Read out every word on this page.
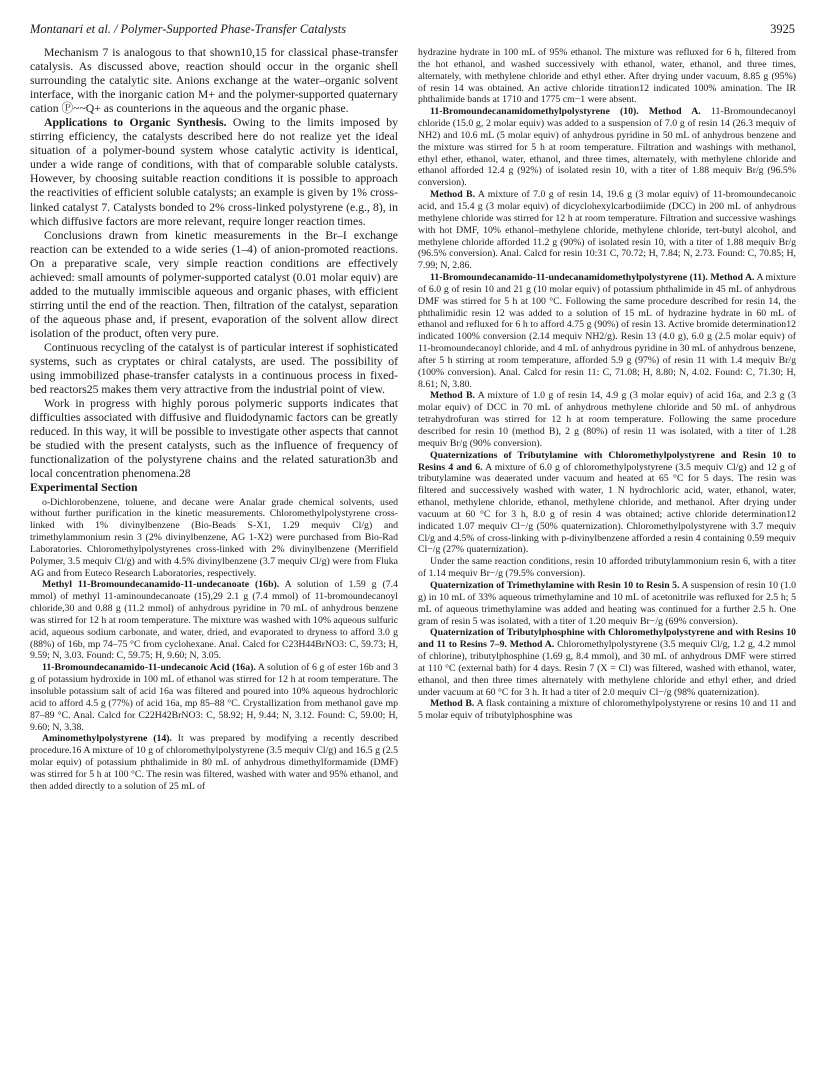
Montanari et al. / Polymer-Supported Phase-Transfer Catalysts	3925

Mechanism 7 is analogous to that shown10,15 for classical phase-transfer catalysis. As discussed above, reaction should occur in the organic shell surrounding the catalytic site. Anions exchange at the water–organic solvent interface, with the inorganic cation M+ and the polymer-supported quaternary cation Ⓟ~~Q+ as counterions in the aqueous and the organic phase.

Applications to Organic Synthesis. Owing to the limits imposed by stirring efficiency, the catalysts described here do not realize yet the ideal situation of a polymer-bound system whose catalytic activity is identical, under a wide range of conditions, with that of comparable soluble catalysts. However, by choosing suitable reaction conditions it is possible to approach the reactivities of efficient soluble catalysts; an example is given by 1% cross-linked catalyst 7. Catalysts bonded to 2% cross-linked polystyrene (e.g., 8), in which diffusive factors are more relevant, require longer reaction times.

Conclusions drawn from kinetic measurements in the Br–I exchange reaction can be extended to a wide series (1–4) of anion-promoted reactions. On a preparative scale, very simple reaction conditions are effectively achieved: small amounts of polymer-supported catalyst (0.01 molar equiv) are added to the mutually immiscible aqueous and organic phases, with efficient stirring until the end of the reaction. Then, filtration of the catalyst, separation of the aqueous phase and, if present, evaporation of the solvent allow direct isolation of the product, often very pure.

Continuous recycling of the catalyst is of particular interest if sophisticated systems, such as cryptates or chiral catalysts, are used. The possibility of using immobilized phase-transfer catalysts in a continuous process in fixed-bed reactors25 makes them very attractive from the industrial point of view.

Work in progress with highly porous polymeric supports indicates that difficulties associated with diffusive and fluidodynamic factors can be greatly reduced. In this way, it will be possible to investigate other aspects that cannot be studied with the present catalysts, such as the influence of frequency of functionalization of the polystyrene chains and the related saturation3b and local concentration phenomena.28

Experimental Section

o-Dichlorobenzene, toluene, and decane were Analar grade chemical solvents, used without further purification in the kinetic measurements. Chloromethylpolystyrene cross-linked with 1% divinylbenzene (Bio-Beads S-X1, 1.29 mequiv Cl/g) and trimethylammonium resin 3 (2% divinylbenzene, AG 1-X2) were purchased from Bio-Rad Laboratories. Chloromethylpolystyrenes cross-linked with 2% divinylbenzene (Merrifield Polymer, 3.5 mequiv Cl/g) and with 4.5% divinylbenzene (3.7 mequiv Cl/g) were from Fluka AG and from Euteco Research Laboratories, respectively.

Methyl 11-Bromoundecanamido-11-undecanoate (16b). A solution of 1.59 g (7.4 mmol) of methyl 11-aminoundecanoate (15),29 2.1 g (7.4 mmol) of 11-bromoundecanoyl chloride,30 and 0.88 g (11.2 mmol) of anhydrous pyridine in 70 mL of anhydrous benzene was stirred for 12 h at room temperature. The mixture was washed with 10% aqueous sulfuric acid, aqueous sodium carbonate, and water, dried, and evaporated to dryness to afford 3.0 g (88%) of 16b, mp 74–75 °C from cyclohexane. Anal. Calcd for C23H44BrNO3: C, 59.73; H, 9.59; N, 3.03. Found: C, 59.75; H, 9.60; N, 3.05.

11-Bromoundecanamido-11-undecanoic Acid (16a). A solution of 6 g of ester 16b and 3 g of potassium hydroxide in 100 mL of ethanol was stirred for 12 h at room temperature. The insoluble potassium salt of acid 16a was filtered and poured into 10% aqueous hydrochloric acid to afford 4.5 g (77%) of acid 16a, mp 85–88 °C. Crystallization from methanol gave mp 87–89 °C. Anal. Calcd for C22H42BrNO3: C, 58.92; H, 9.44; N, 3.12. Found: C, 59.00; H, 9.60; N, 3.38.

Aminomethylpolystyrene (14). It was prepared by modifying a recently described procedure.16 A mixture of 10 g of chloromethylpolystyrene (3.5 mequiv Cl/g) and 16.5 g (2.5 molar equiv) of potassium phthalimide in 80 mL of anhydrous dimethylformamide (DMF) was stirred for 5 h at 100 °C. The resin was filtered, washed with water and 95% ethanol, and then added directly to a solution of 25 mL of

hydrazine hydrate in 100 mL of 95% ethanol. The mixture was refluxed for 6 h, filtered from the hot ethanol, and washed successively with ethanol, water, ethanol, and three times, alternately, with methylene chloride and ethyl ether. After drying under vacuum, 8.85 g (95%) of resin 14 was obtained. An active chloride titration12 indicated 100% amination. The IR phthalimide bands at 1710 and 1775 cm−1 were absent.

11-Bromoundecanamidomethylpolystyrene (10). Method A. 11-Bromoundecanoyl chloride (15.0 g, 2 molar equiv) was added to a suspension of 7.0 g of resin 14 (26.3 mequiv of NH2) and 10.6 mL (5 molar equiv) of anhydrous pyridine in 50 mL of anhydrous benzene and the mixture was stirred for 5 h at room temperature. Filtration and washings with methanol, ethyl ether, ethanol, water, ethanol, and three times, alternately, with methylene chloride and ethanol afforded 12.4 g (92%) of isolated resin 10, with a titer of 1.88 mequiv Br/g (96.5% conversion).

Method B. A mixture of 7.0 g of resin 14, 19.6 g (3 molar equiv) of 11-bromoundecanoic acid, and 15.4 g (3 molar equiv) of dicyclohexylcarbodiimide (DCC) in 200 mL of anhydrous methylene chloride was stirred for 12 h at room temperature. Filtration and successive washings with hot DMF, 10% ethanol–methylene chloride, methylene chloride, tert-butyl alcohol, and methylene chloride afforded 11.2 g (90%) of isolated resin 10, with a titer of 1.88 mequiv Br/g (96.5% conversion). Anal. Calcd for resin 10:31 C, 70.72; H, 7.84; N, 2.73. Found: C, 70.85; H, 7.99; N, 2.86.

11-Bromoundecanamido-11-undecanamidomethylpolystyrene (11). Method A. A mixture of 6.0 g of resin 10 and 21 g (10 molar equiv) of potassium phthalimide in 45 mL of anhydrous DMF was stirred for 5 h at 100 °C. Following the same procedure described for resin 14, the phthalimidic resin 12 was added to a solution of 15 mL of hydrazine hydrate in 60 mL of ethanol and refluxed for 6 h to afford 4.75 g (90%) of resin 13. Active bromide determination12 indicated 100% conversion (2.14 mequiv NH2/g). Resin 13 (4.0 g), 6.0 g (2.5 molar equiv) of 11-bromoundecanoyl chloride, and 4 mL of anhydrous pyridine in 30 mL of anhydrous benzene, after 5 h stirring at room temperature, afforded 5.9 g (97%) of resin 11 with 1.4 mequiv Br/g (100% conversion). Anal. Calcd for resin 11: C, 71.08; H, 8.80; N, 4.02. Found: C, 71.30; H, 8.61; N, 3.80.

Method B. A mixture of 1.0 g of resin 14, 4.9 g (3 molar equiv) of acid 16a, and 2.3 g (3 molar equiv) of DCC in 70 mL of anhydrous methylene chloride and 50 mL of anhydrous tetrahydrofuran was stirred for 12 h at room temperature. Following the same procedure described for resin 10 (method B), 2 g (80%) of resin 11 was isolated, with a titer of 1.28 mequiv Br/g (90% conversion).

Quaternizations of Tributylamine with Chloromethylpolystyrene and Resin 10 to Resins 4 and 6. A mixture of 6.0 g of chloromethylpolystyrene (3.5 mequiv Cl/g) and 12 g of tributylamine was deaerated under vacuum and heated at 65 °C for 5 days. The resin was filtered and successively washed with water, 1 N hydrochloric acid, water, ethanol, water, ethanol, methylene chloride, ethanol, methylene chloride, and methanol. After drying under vacuum at 60 °C for 3 h, 8.0 g of resin 4 was obtained; active chloride determination12 indicated 1.07 mequiv Cl−/g (50% quaternization). Chloromethylpolystyrene with 3.7 mequiv Cl/g and 4.5% of cross-linking with p-divinylbenzene afforded a resin 4 containing 0.59 mequiv Cl−/g (27% quaternization).

Under the same reaction conditions, resin 10 afforded tributylammonium resin 6, with a titer of 1.14 mequiv Br−/g (79.5% conversion).

Quaternization of Trimethylamine with Resin 10 to Resin 5. A suspension of resin 10 (1.0 g) in 10 mL of 33% aqueous trimethylamine and 10 mL of acetonitrile was refluxed for 2.5 h; 5 mL of aqueous trimethylamine was added and heating was continued for a further 2.5 h. One gram of resin 5 was isolated, with a titer of 1.20 mequiv Br−/g (69% conversion).

Quaternization of Tributylphosphine with Chloromethylpolystyrene and with Resins 10 and 11 to Resins 7–9. Method A. Chloromethylpolystyrene (3.5 mequiv Cl/g, 1.2 g, 4.2 mmol of chlorine), tributylphosphine (1.69 g, 8.4 mmol), and 30 mL of anhydrous DMF were stirred at 110 °C (external bath) for 4 days. Resin 7 (X = Cl) was filtered, washed with ethanol, water, ethanol, and then three times alternately with methylene chloride and ethyl ether, and dried under vacuum at 60 °C for 3 h. It had a titer of 2.0 mequiv Cl−/g (98% quaternization).

Method B. A flask containing a mixture of chloromethylpolystyrene or resins 10 and 11 and 5 molar equiv of tributylphosphine was
